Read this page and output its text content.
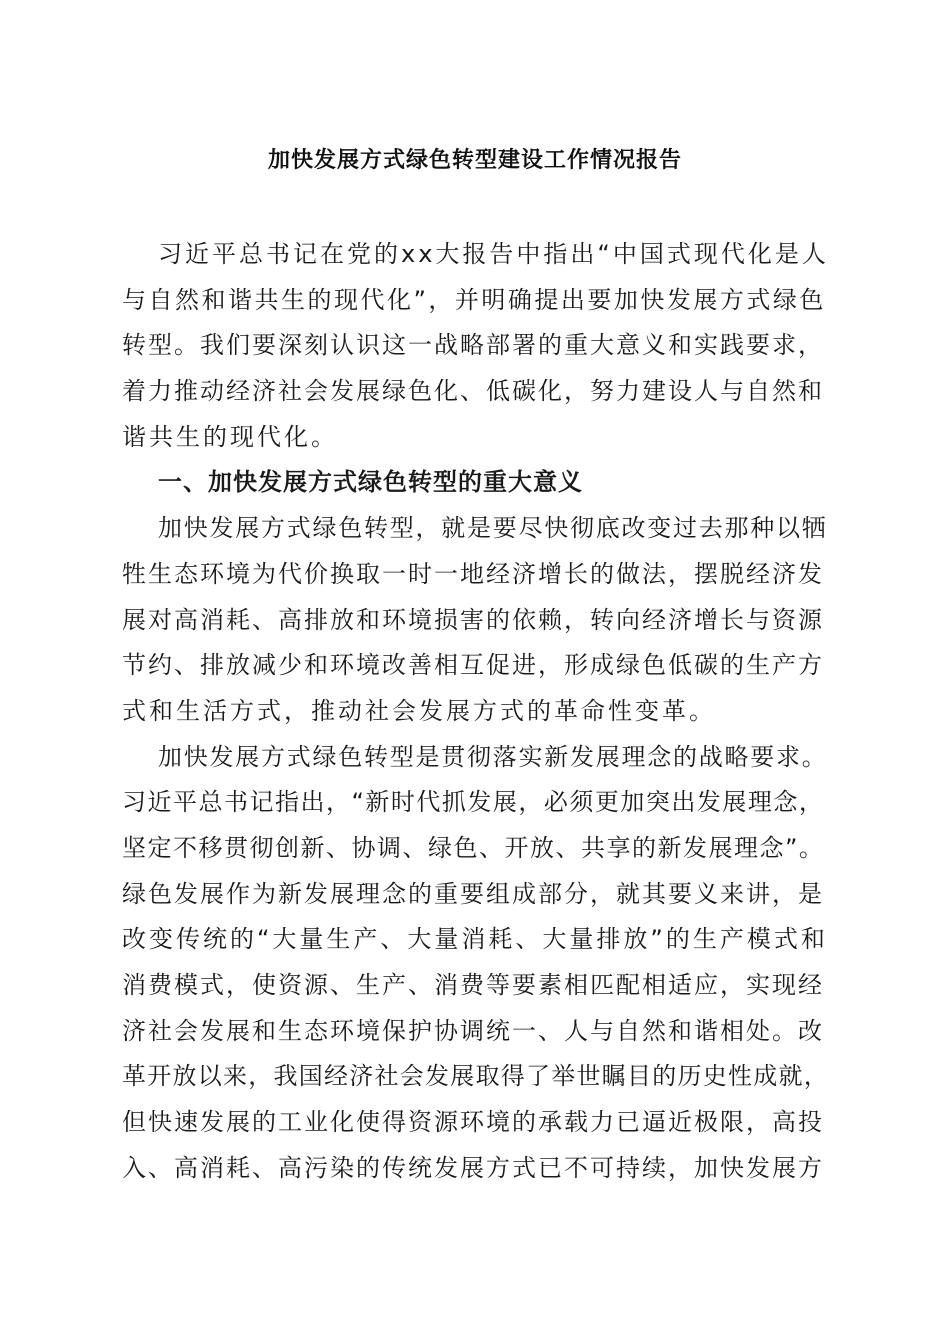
加快发展方式绿色转型建设工作情况报告
习近平总书记在党的xx大报告中指出“中国式现代化是人
与自然和谐共生的现代化”，并明确提出要加快发展方式绿色
转型。我们要深刻认识这一战略部署的重大意义和实践要求，
着力推动经济社会发展绿色化、低碳化，努力建设人与自然和
谐共生的现代化。
一、加快发展方式绿色转型的重大意义
加快发展方式绿色转型，就是要尽快彻底改变过去那种以牺
牲生态环境为代价换取一时一地经济增长的做法，摆脱经济发
展对高消耗、高排放和环境损害的依赖，转向经济增长与资源
节约、排放减少和环境改善相互促进，形成绿色低碳的生产方
式和生活方式，推动社会发展方式的革命性变革。
加快发展方式绿色转型是贯彻落实新发展理念的战略要求。
习近平总书记指出，“新时代抓发展，必须更加突出发展理念，
坚定不移贯彻创新、协调、绿色、开放、共享的新发展理念”。
绿色发展作为新发展理念的重要组成部分，就其要义来讲，是
改变传统的“大量生产、大量消耗、大量排放”的生产模式和
消费模式，使资源、生产、消费等要素相匹配相适应，实现经
济社会发展和生态环境保护协调统一、人与自然和谐相处。改
革开放以来，我国经济社会发展取得了举世瞩目的历史性成就，
但快速发展的工业化使得资源环境的承载力已逼近极限，高投
入、高消耗、高污染的传统发展方式已不可持续，加快发展方
